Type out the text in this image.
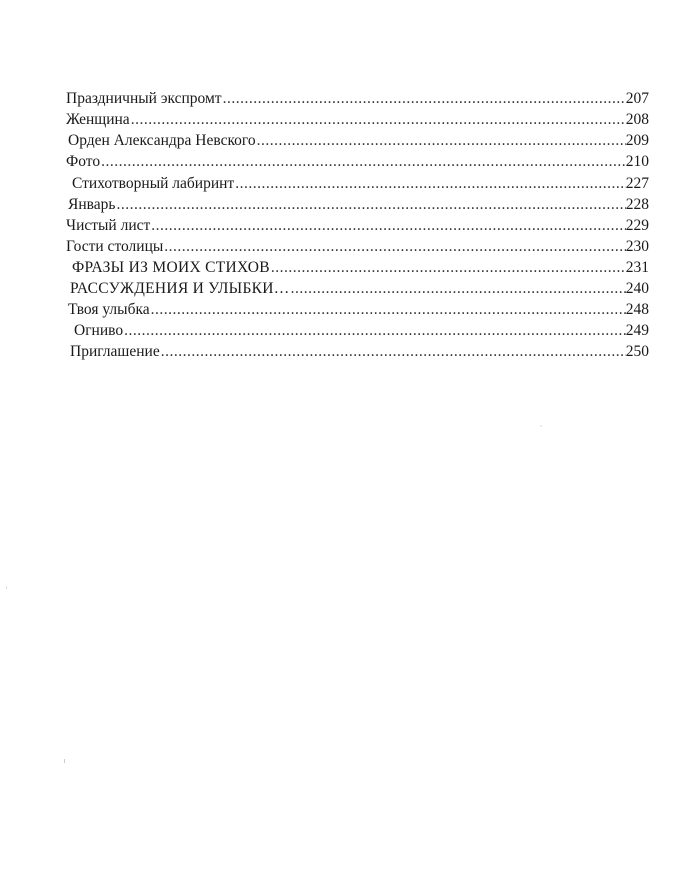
Праздничный экспромт .....	207
Женщина .....	208
Орден Александра Невского .....	209
Фото .....	210
Стихотворный лабиринт .....	227
Январь .....	228
Чистый лист .....	229
Гости столицы .....	230
ФРАЗЫ ИЗ МОИХ СТИХОВ .....	231
РАССУЖДЕНИЯ И УЛЫБКИ… .....	240
Твоя улыбка .....	248
Огниво .....	249
Приглашение .....	250
